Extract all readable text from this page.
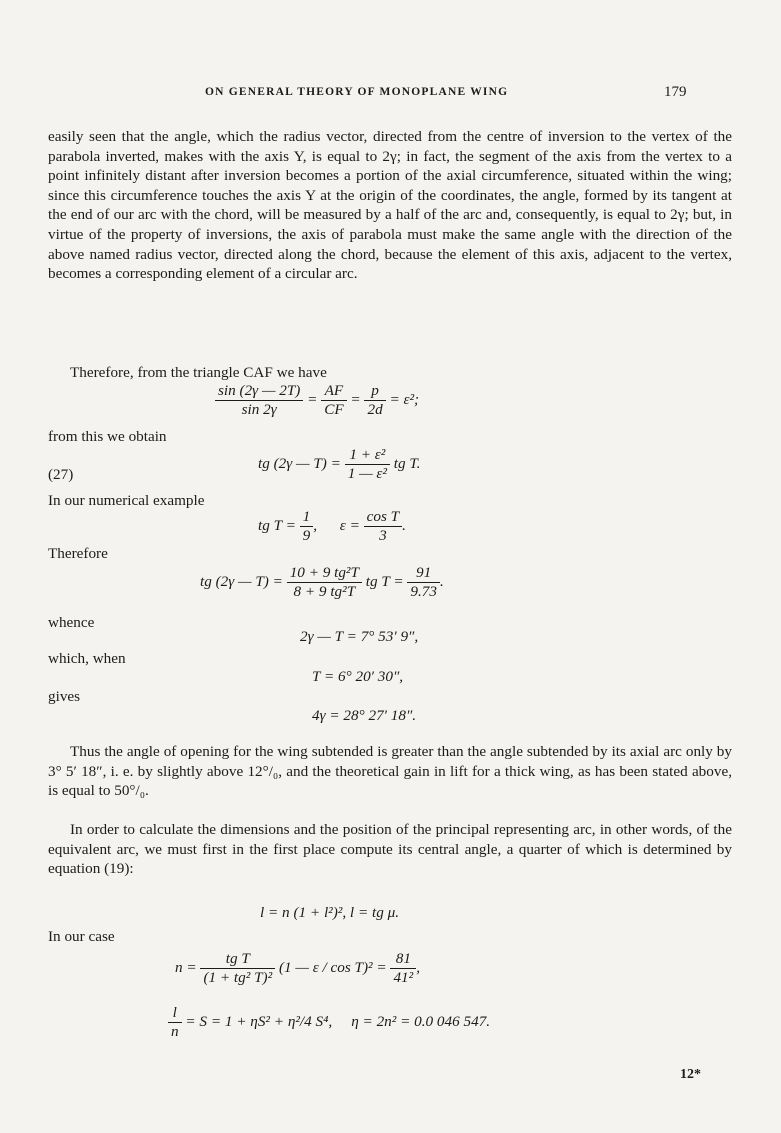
ON GENERAL THEORY OF MONOPLANE WING	179
easily seen that the angle, which the radius vector, directed from the centre of inversion to the vertex of the parabola inverted, makes with the axis Y, is equal to 2γ; in fact, the segment of the axis from the vertex to a point infinitely distant after inversion becomes a portion of the axial circumference, situated within the wing; since this circumference touches the axis Y at the origin of the coordinates, the angle, formed by its tangent at the end of our arc with the chord, will be measured by a half of the arc and, consequently, is equal to 2γ; but, in virtue of the property of inversions, the axis of parabola must make the same angle with the direction of the above named radius vector, directed along the chord, because the element of this axis, adjacent to the vertex, becomes a corresponding element of a circular arc.
Therefore, from the triangle CAF we have
$\frac{\sin (2\gamma — 2T)}{\sin 2\gamma} = \frac{AF}{CF} = \frac{p}{2d} = \varepsilon^2$;
from this we obtain
(27)
tg (2γ — $T) = \frac{\text{1 + ε²}}{\text{1 — ε²}}$ tg T.
In our numerical example
tg $T = \frac{1}{9}$ , $\varepsilon = \frac{\text{cos T}}{3}$ .
Therefore
tg (2γ — $T) = \frac{\text{10 + 9 tg²T}}{\text{8 + 9 tg²T}}$ tg $T = \frac{91}{9.73}$ .
whence
2γ — T = 7° 53′ 9″,
which, when
T = 6° 20′ 30″,
gives
4γ = 28° 27′ 18″.
Thus the angle of opening for the wing subtended is greater than the angle subtended by its axial arc only by 3° 5′ 18″, i. e. by slightly above 12°/₀, and the theoretical gain in lift for a thick wing, as has been stated above, is equal to 50°/₀.
In order to calculate the dimensions and the position of the principal representing arc, in other words, of the equivalent arc, we must first in the first place compute its central angle, a quarter of which is determined by equation (19):
l = n (1 + l²)², l = tg μ.
In our case
$n = \frac{\text{tg T}}{\text{(1 + tg² T)²}} (1$ — $\varepsilon / \cos T)^2 = \frac{81}{\text{41²}}$ ,
$\frac{l}{n} = S = 1 + \eta S^2 + \eta^2/4$ S⁴, η = 2n² = 0.0 046 547.
12*
